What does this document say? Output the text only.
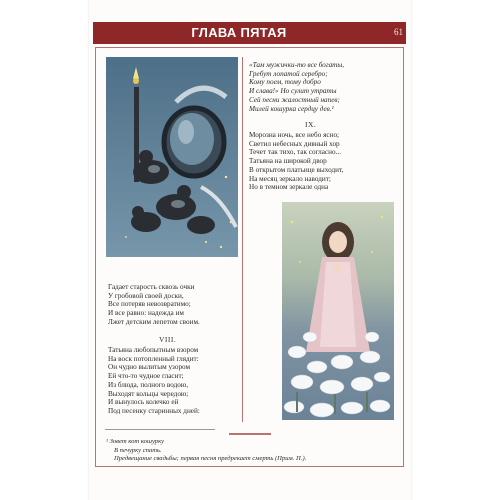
ГЛАВА ПЯТАЯ	61
«Там мужички-то все богаты,
Гребут лопатой серебро;
Кому поем, тому добро
И слава!» Но сулит утраты
Сей песни жалостный напев;
Милей кошурка сердцу дев.¹
IX.
Морозна ночь, все небо ясно;
Светил небесных дивный хор
Течет так тихо, так согласно...
Татьяна на широкой двор
В открытом платьице выходит,
На месяц зеркало наводит;
Но в темном зеркале одна
Гадает старость сквозь очки
У гробовой своей доски,
Все потеряв невозвратимо;
И все равно: надежда им
Лжет детским лепетом своим.
VIII.
Татьяна любопытным взором
На воск потопленный глядит:
Он чудно вылитым узором
Ей что-то чудное гласит;
Из блюда, полного водою,
Выходят кольцы чередою;
И вынулось колечко ей
Под песенку старинных дней:
¹ Зовет кот кошурку
В печурку спать.
Предвещание свадьбы; первая песня предрекает смерть (Прим. П.).
